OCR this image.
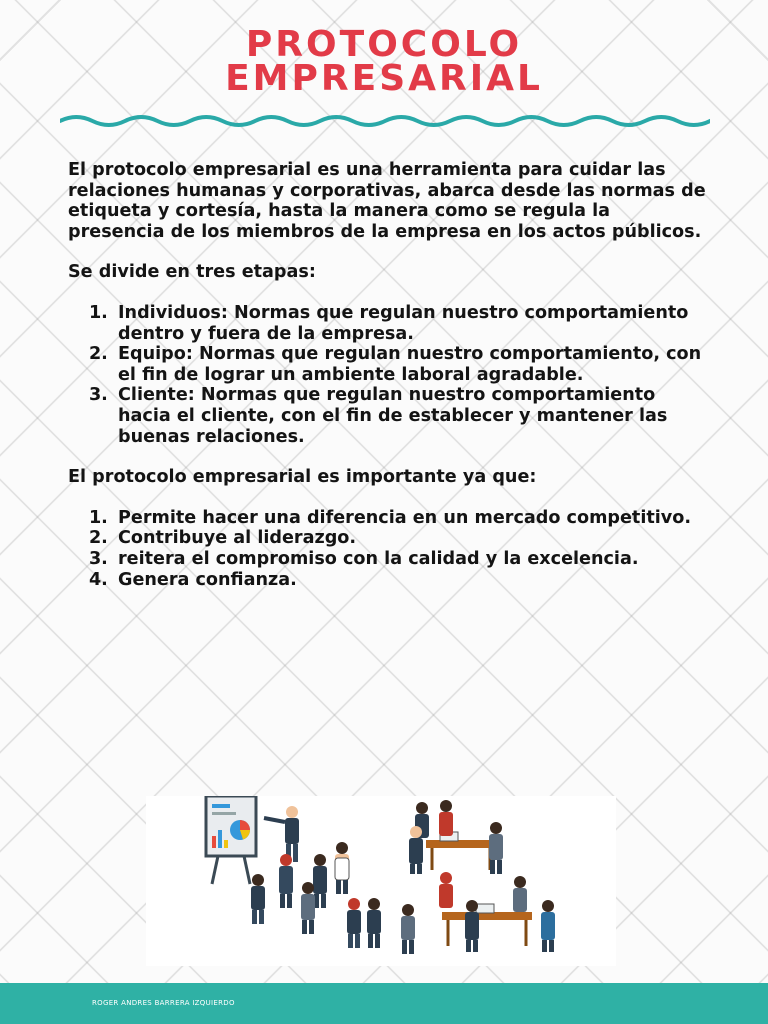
PROTOCOLO
EMPRESARIAL

El protocolo empresarial es una herramienta para cuidar las relaciones humanas y corporativas, abarca desde las normas de etiqueta y cortesía, hasta la manera como se regula la presencia de los miembros de la empresa en los actos públicos.

Se divide en tres etapas:

1. Individuos: Normas que regulan nuestro comportamiento dentro y fuera de la empresa.
2. Equipo: Normas que regulan nuestro comportamiento, con el fin de lograr un ambiente laboral agradable.
3. Cliente: Normas que regulan nuestro comportamiento hacia el cliente, con el fin de establecer y mantener las buenas relaciones.

El protocolo empresarial es importante ya que:

1. Permite hacer una diferencia en un mercado competitivo.
2. Contribuye al liderazgo.
3. reitera el compromiso con la calidad y la excelencia.
4. Genera confianza.
ROGER ANDRES BARRERA IZQUIERDO
